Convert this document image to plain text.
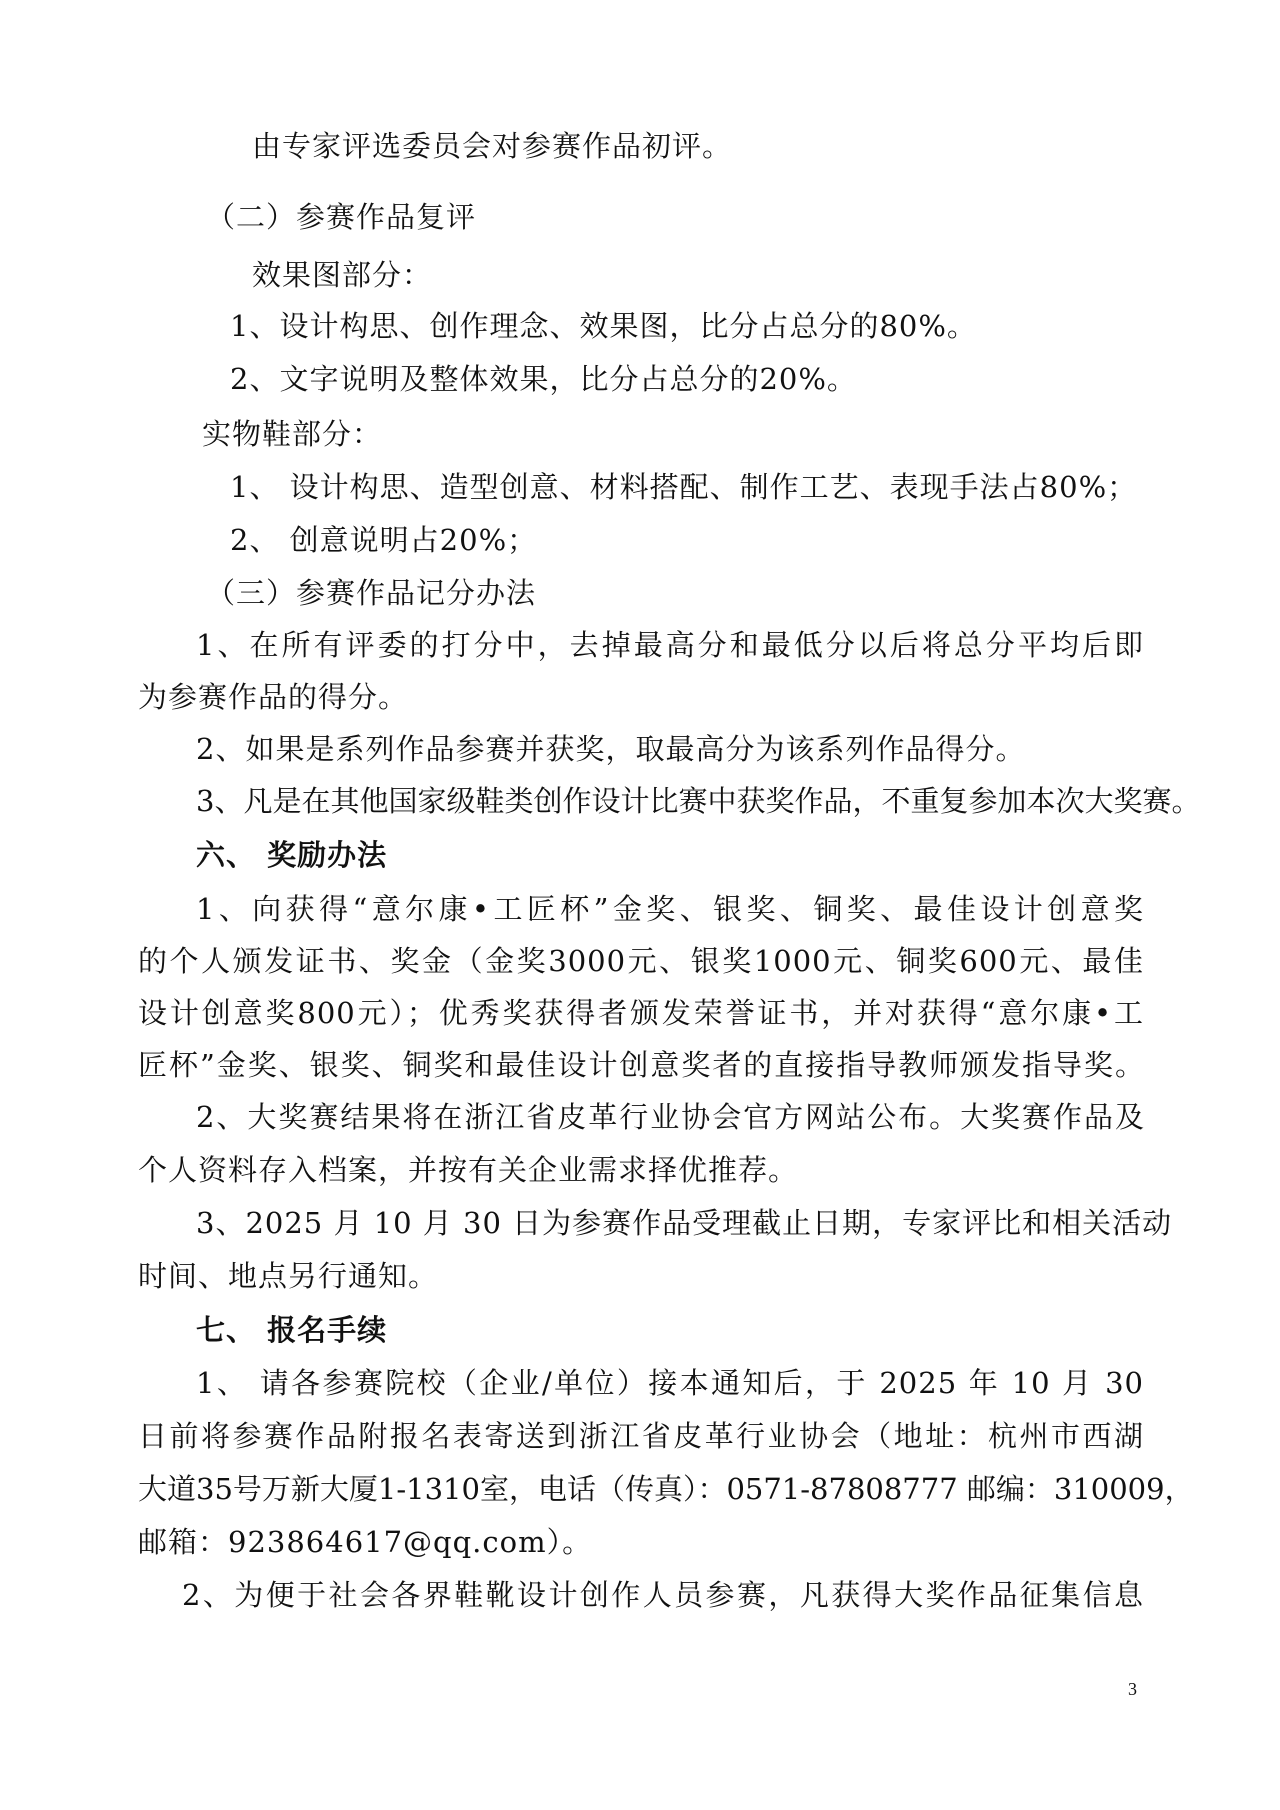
由专家评选委员会对参赛作品初评。

（二）参赛作品复评

效果图部分：

1、设计构思、创作理念、效果图，比分占总分的80%。

2、文字说明及整体效果，比分占总分的20%。

实物鞋部分：

1、 设计构思、造型创意、材料搭配、制作工艺、表现手法占80%；

2、 创意说明占20%；

（三）参赛作品记分办法

1、在所有评委的打分中，去掉最高分和最低分以后将总分平均后即

为参赛作品的得分。

2、如果是系列作品参赛并获奖，取最高分为该系列作品得分。

3、凡是在其他国家级鞋类创作设计比赛中获奖作品，不重复参加本次大奖赛。

六、 奖励办法

1、向获得“意尔康•工匠杯”金奖、银奖、铜奖、最佳设计创意奖

的个人颁发证书、奖金（金奖3000元、银奖1000元、铜奖600元、最佳

设计创意奖800元）；优秀奖获得者颁发荣誉证书，并对获得“意尔康•工

匠杯”金奖、银奖、铜奖和最佳设计创意奖者的直接指导教师颁发指导奖。

2、大奖赛结果将在浙江省皮革行业协会官方网站公布。大奖赛作品及

个人资料存入档案，并按有关企业需求择优推荐。

3、2025 月 10 月 30 日为参赛作品受理截止日期，专家评比和相关活动

时间、地点另行通知。

七、 报名手续

1、 请各参赛院校（企业/单位）接本通知后，于 2025 年 10 月 30

日前将参赛作品附报名表寄送到浙江省皮革行业协会（地址：杭州市西湖

大道35号万新大厦1-1310室，电话（传真）：0571-87808777 邮编：310009，

邮箱：923864617@qq.com）。

2、为便于社会各界鞋靴设计创作人员参赛，凡获得大奖作品征集信息

3
